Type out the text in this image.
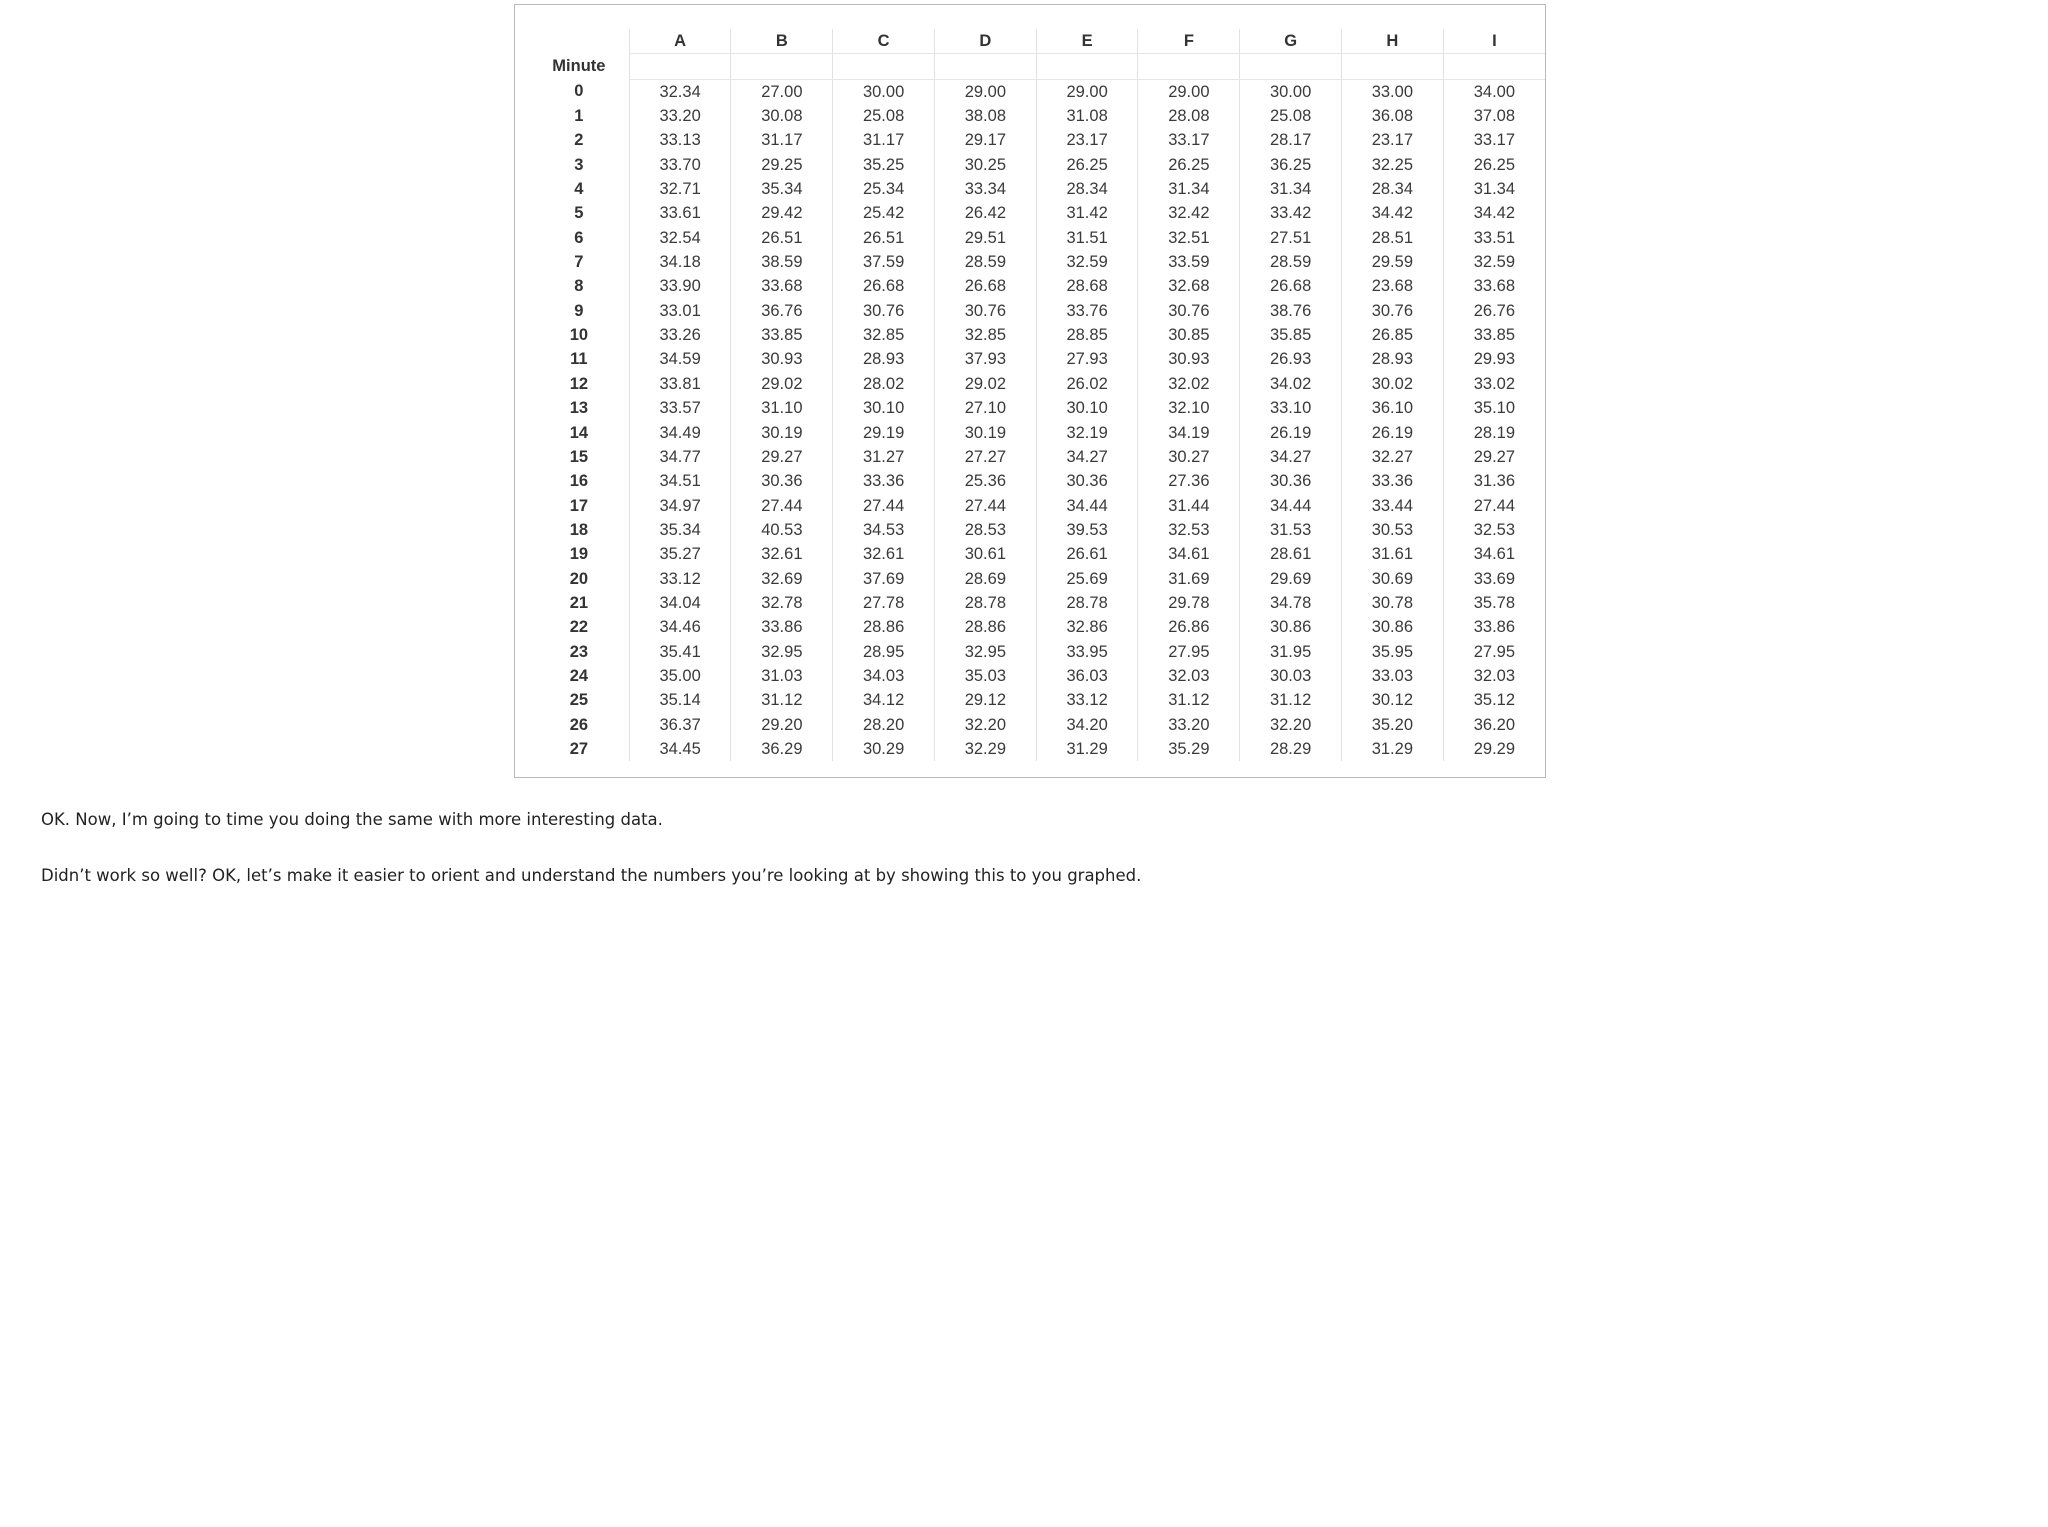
	A	B	C	D	E	F	G	H	I
Minute									
0	32.34	27.00	30.00	29.00	29.00	29.00	30.00	33.00	34.00
1	33.20	30.08	25.08	38.08	31.08	28.08	25.08	36.08	37.08
2	33.13	31.17	31.17	29.17	23.17	33.17	28.17	23.17	33.17
3	33.70	29.25	35.25	30.25	26.25	26.25	36.25	32.25	26.25
4	32.71	35.34	25.34	33.34	28.34	31.34	31.34	28.34	31.34
5	33.61	29.42	25.42	26.42	31.42	32.42	33.42	34.42	34.42
6	32.54	26.51	26.51	29.51	31.51	32.51	27.51	28.51	33.51
7	34.18	38.59	37.59	28.59	32.59	33.59	28.59	29.59	32.59
8	33.90	33.68	26.68	26.68	28.68	32.68	26.68	23.68	33.68
9	33.01	36.76	30.76	30.76	33.76	30.76	38.76	30.76	26.76
10	33.26	33.85	32.85	32.85	28.85	30.85	35.85	26.85	33.85
11	34.59	30.93	28.93	37.93	27.93	30.93	26.93	28.93	29.93
12	33.81	29.02	28.02	29.02	26.02	32.02	34.02	30.02	33.02
13	33.57	31.10	30.10	27.10	30.10	32.10	33.10	36.10	35.10
14	34.49	30.19	29.19	30.19	32.19	34.19	26.19	26.19	28.19
15	34.77	29.27	31.27	27.27	34.27	30.27	34.27	32.27	29.27
16	34.51	30.36	33.36	25.36	30.36	27.36	30.36	33.36	31.36
17	34.97	27.44	27.44	27.44	34.44	31.44	34.44	33.44	27.44
18	35.34	40.53	34.53	28.53	39.53	32.53	31.53	30.53	32.53
19	35.27	32.61	32.61	30.61	26.61	34.61	28.61	31.61	34.61
20	33.12	32.69	37.69	28.69	25.69	31.69	29.69	30.69	33.69
21	34.04	32.78	27.78	28.78	28.78	29.78	34.78	30.78	35.78
22	34.46	33.86	28.86	28.86	32.86	26.86	30.86	30.86	33.86
23	35.41	32.95	28.95	32.95	33.95	27.95	31.95	35.95	27.95
24	35.00	31.03	34.03	35.03	36.03	32.03	30.03	33.03	32.03
25	35.14	31.12	34.12	29.12	33.12	31.12	31.12	30.12	35.12
26	36.37	29.20	28.20	32.20	34.20	33.20	32.20	35.20	36.20
27	34.45	36.29	30.29	32.29	31.29	35.29	28.29	31.29	29.29

OK. Now, I’m going to time you doing the same with more interesting data.

Didn’t work so well? OK, let’s make it easier to orient and understand the numbers you’re looking at by showing this to you graphed.
